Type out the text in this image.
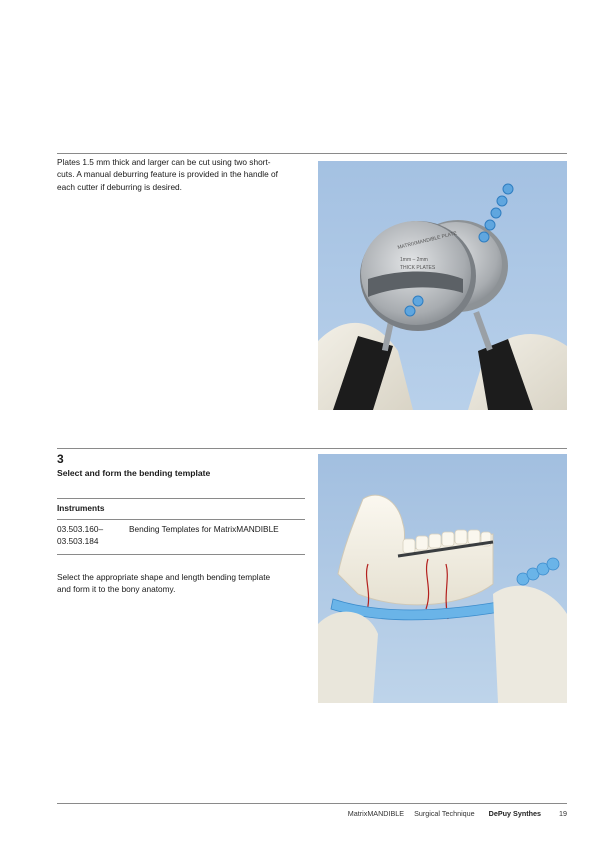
Plates 1.5 mm thick and larger can be cut using two short-
cuts. A manual deburring feature is provided in the handle of
each cutter if deburring is desired.
MATRIXMANDIBLE PLATE
1mm – 2mm
THICK PLATES
3
Select and form the bending template
Instruments
03.503.160–
03.503.184
Bending Templates for MatrixMANDIBLE
Select the appropriate shape and length bending template
and form it to the bony anatomy.
MatrixMANDIBLE Surgical Technique DePuy Synthes	19
